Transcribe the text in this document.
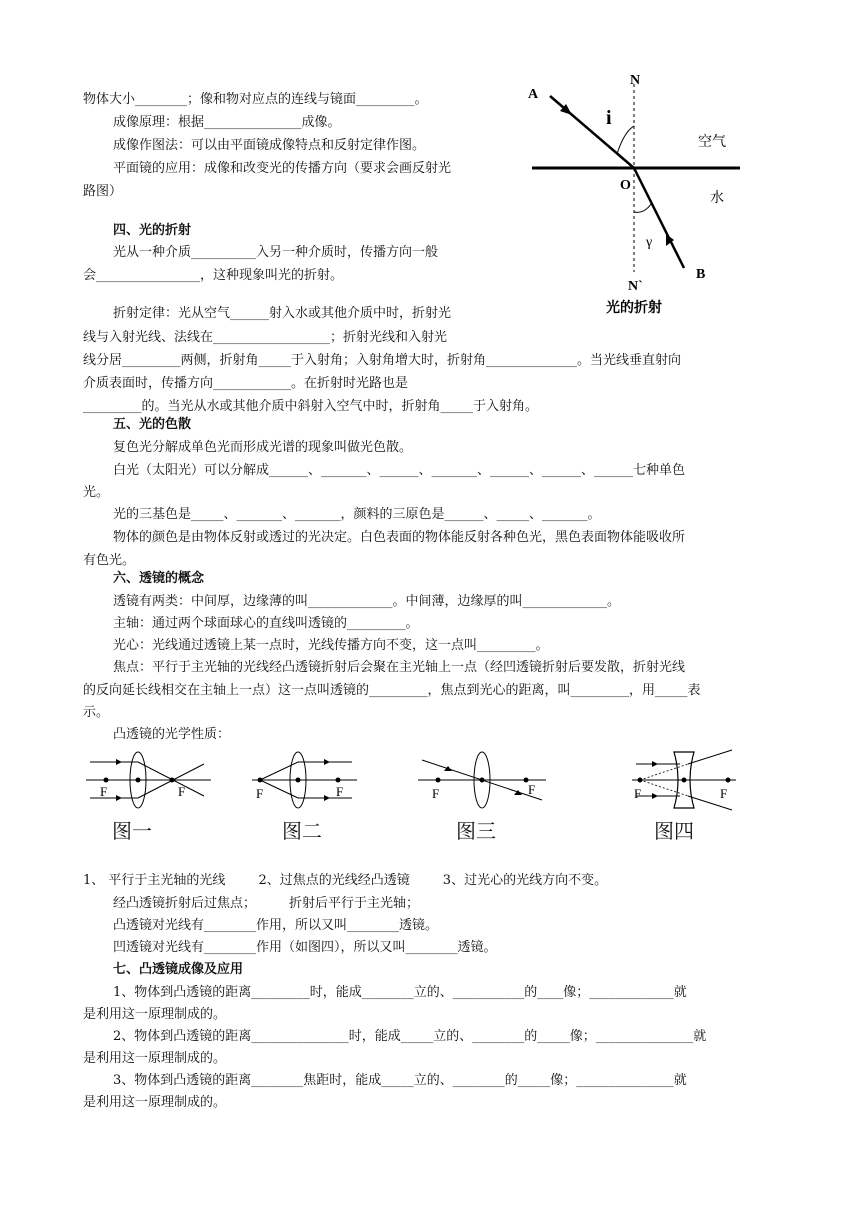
物体大小________；像和物对应点的连线与镜面_________。
成像原理：根据_______________成像。
成像作图法：可以由平面镜成像特点和反射定律作图。
平面镜的应用：成像和改变光的传播方向（要求会画反射光
路图）
四、光的折射
光从一种介质__________入另一种介质时，传播方向一般
会________________，这种现象叫光的折射。
折射定律：光从空气______射入水或其他介质中时，折射光
线与入射光线、法线在__________________；折射光线和入射光
线分居_________两侧，折射角_____于入射角；入射角增大时，折射角______________。当光线垂直射向
介质表面时，传播方向____________。在折射时光路也是
_________的。当光从水或其他介质中斜射入空气中时，折射角_____于入射角。
A
N
i
空气
O
水
γ
N`
B
光的折射
五、光的色散
复色光分解成单色光而形成光谱的现象叫做光色散。
白光（太阳光）可以分解成______、_______、______、_______、______、______、______七种单色
光。
光的三基色是_____、_______、_______，颜料的三原色是______、_____、_______。
物体的颜色是由物体反射或透过的光决定。白色表面的物体能反射各种色光，黑色表面物体能吸收所
有色光。
六、透镜的概念
透镜有两类：中间厚，边缘薄的叫_____________。中间薄，边缘厚的叫_____________。
主轴：通过两个球面球心的直线叫透镜的_________。
光心：光线通过透镜上某一点时，光线传播方向不变，这一点叫_________。
焦点：平行于主光轴的光线经凸透镜折射后会聚在主光轴上一点（经凹透镜折射后要发散，折射光线
的反向延长线相交在主轴上一点）这一点叫透镜的_________，焦点到光心的距离，叫_________，用_____表
示。
凸透镜的光学性质：
F	F	F	F	F	F	F	F
图一	图二	图三	图四
1、 平行于主光轴的光线        2、过焦点的光线经凸透镜        3、过光心的光线方向不变。
经凸透镜折射后过焦点；        折射后平行于主光轴；
凸透镜对光线有________作用，所以又叫________透镜。
凹透镜对光线有________作用（如图四），所以又叫________透镜。
七、凸透镜成像及应用
1、物体到凸透镜的距离_________时，能成________立的、___________的____像；_____________就
是利用这一原理制成的。
2、物体到凸透镜的距离_______________时，能成_____立的、________的_____像；_______________就
是利用这一原理制成的。
3、物体到凸透镜的距离________焦距时，能成_____立的、________的_____像；_______________就
是利用这一原理制成的。
